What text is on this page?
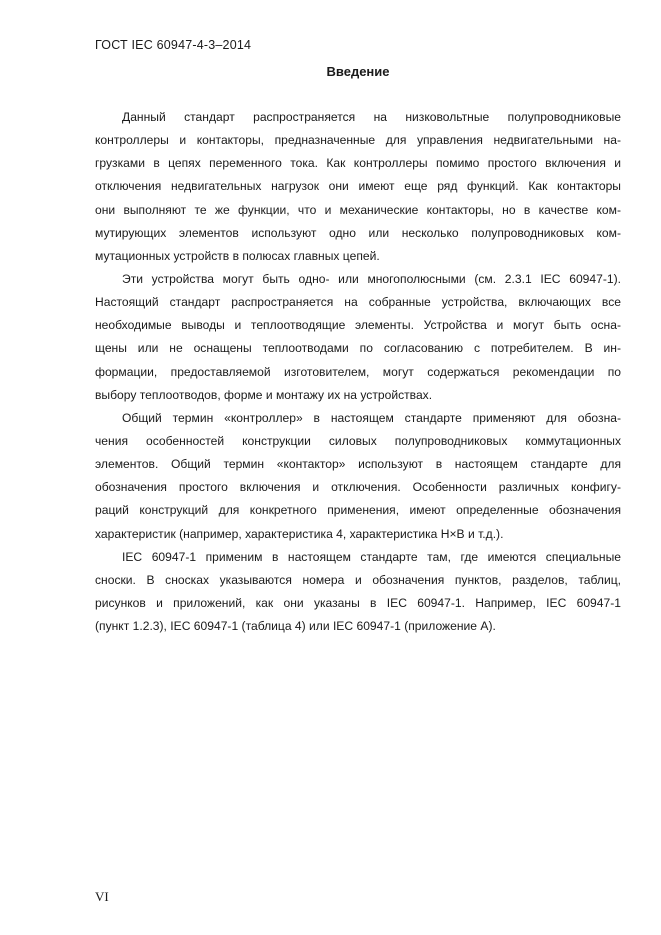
ГОСТ IEC 60947-4-3–2014
Введение
Данный стандарт распространяется на низковольтные полупроводниковые
контроллеры и контакторы, предназначенные для управления недвигательными на-
грузками в цепях переменного тока. Как контроллеры помимо простого включения и
отключения недвигательных нагрузок они имеют еще ряд функций. Как контакторы
они выполняют те же функции, что и механические контакторы, но в качестве ком-
мутирующих элементов используют одно или несколько полупроводниковых ком-
мутационных устройств в полюсах главных цепей.
Эти устройства могут быть одно- или многополюсными (см. 2.3.1 IEC 60947-1).
Настоящий стандарт распространяется на собранные устройства, включающих все
необходимые выводы и теплоотводящие элементы. Устройства и могут быть осна-
щены или не оснащены теплоотводами по согласованию с потребителем. В ин-
формации, предоставляемой изготовителем, могут содержаться рекомендации по
выбору теплоотводов, форме и монтажу их на устройствах.
Общий термин «контроллер» в настоящем стандарте применяют для обозна-
чения особенностей конструкции силовых полупроводниковых коммутационных
элементов. Общий термин «контактор» используют в настоящем стандарте для
обозначения простого включения и отключения. Особенности различных конфигу-
раций конструкций для конкретного применения, имеют определенные обозначения
характеристик (например, характеристика 4, характеристика H×B и т.д.).
IEC 60947-1 применим в настоящем стандарте там, где имеются специальные
сноски. В сносках указываются номера и обозначения пунктов, разделов, таблиц,
рисунков и приложений, как они указаны в IEC 60947-1. Например, IEC 60947-1
(пункт 1.2.3), IEC 60947-1 (таблица 4) или IEC 60947-1 (приложение А).
VI
